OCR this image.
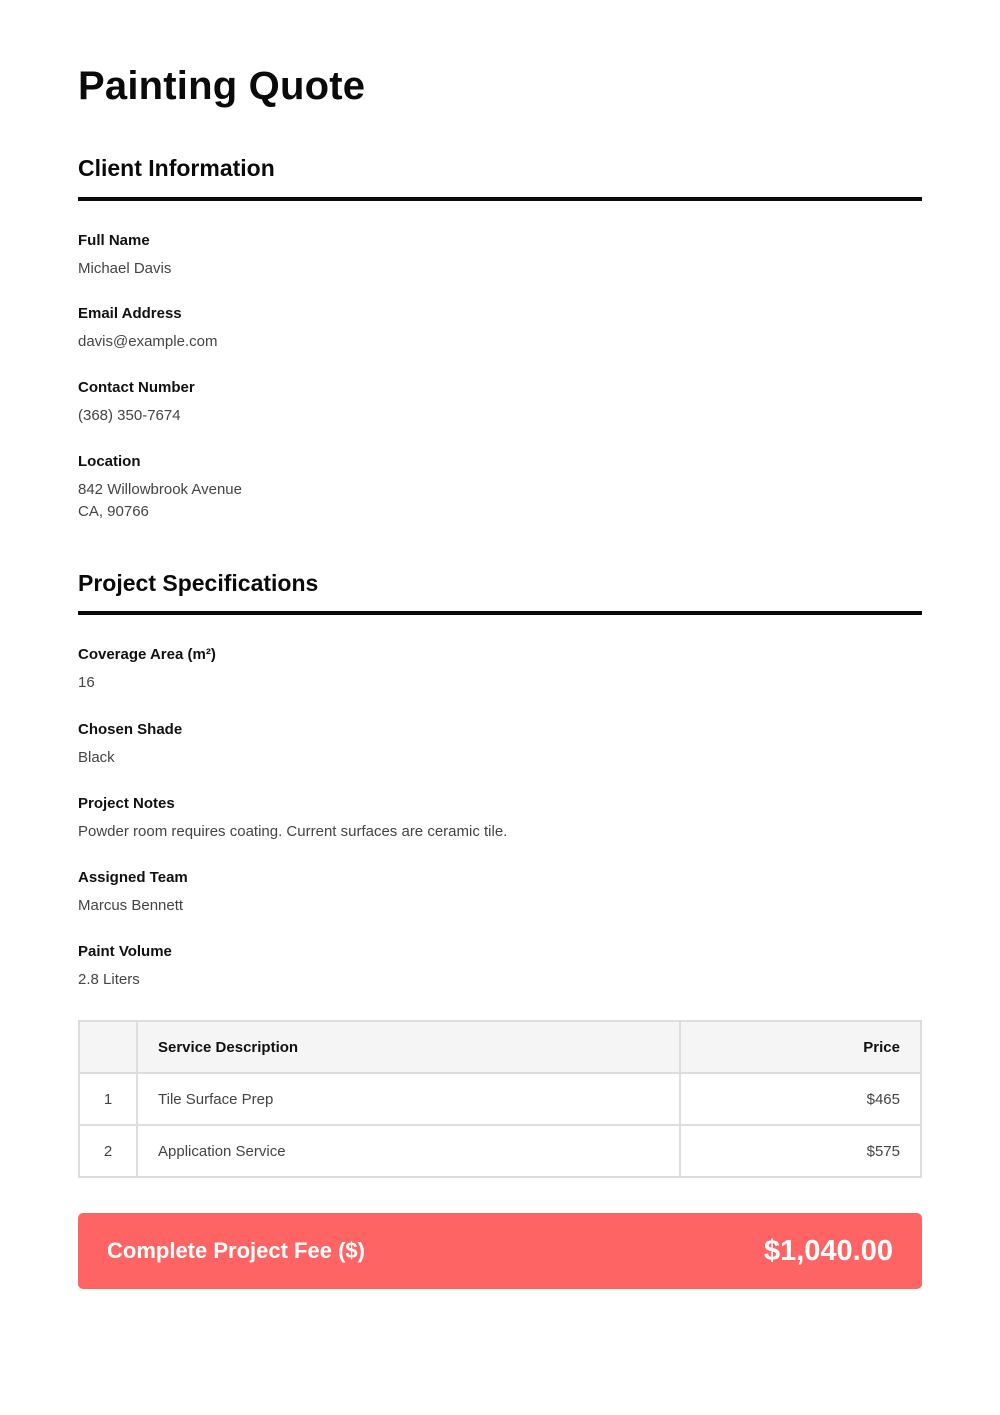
Painting Quote
Client Information
Full Name
Michael Davis
Email Address
davis@example.com
Contact Number
(368) 350-7674
Location
842 Willowbrook Avenue
CA, 90766
Project Specifications
Coverage Area (m²)
16
Chosen Shade
Black
Project Notes
Powder room requires coating. Current surfaces are ceramic tile.
Assigned Team
Marcus Bennett
Paint Volume
2.8 Liters
	Service Description	Price
1	Tile Surface Prep	$465
2	Application Service	$575
Complete Project Fee ($)	$1,040.00
